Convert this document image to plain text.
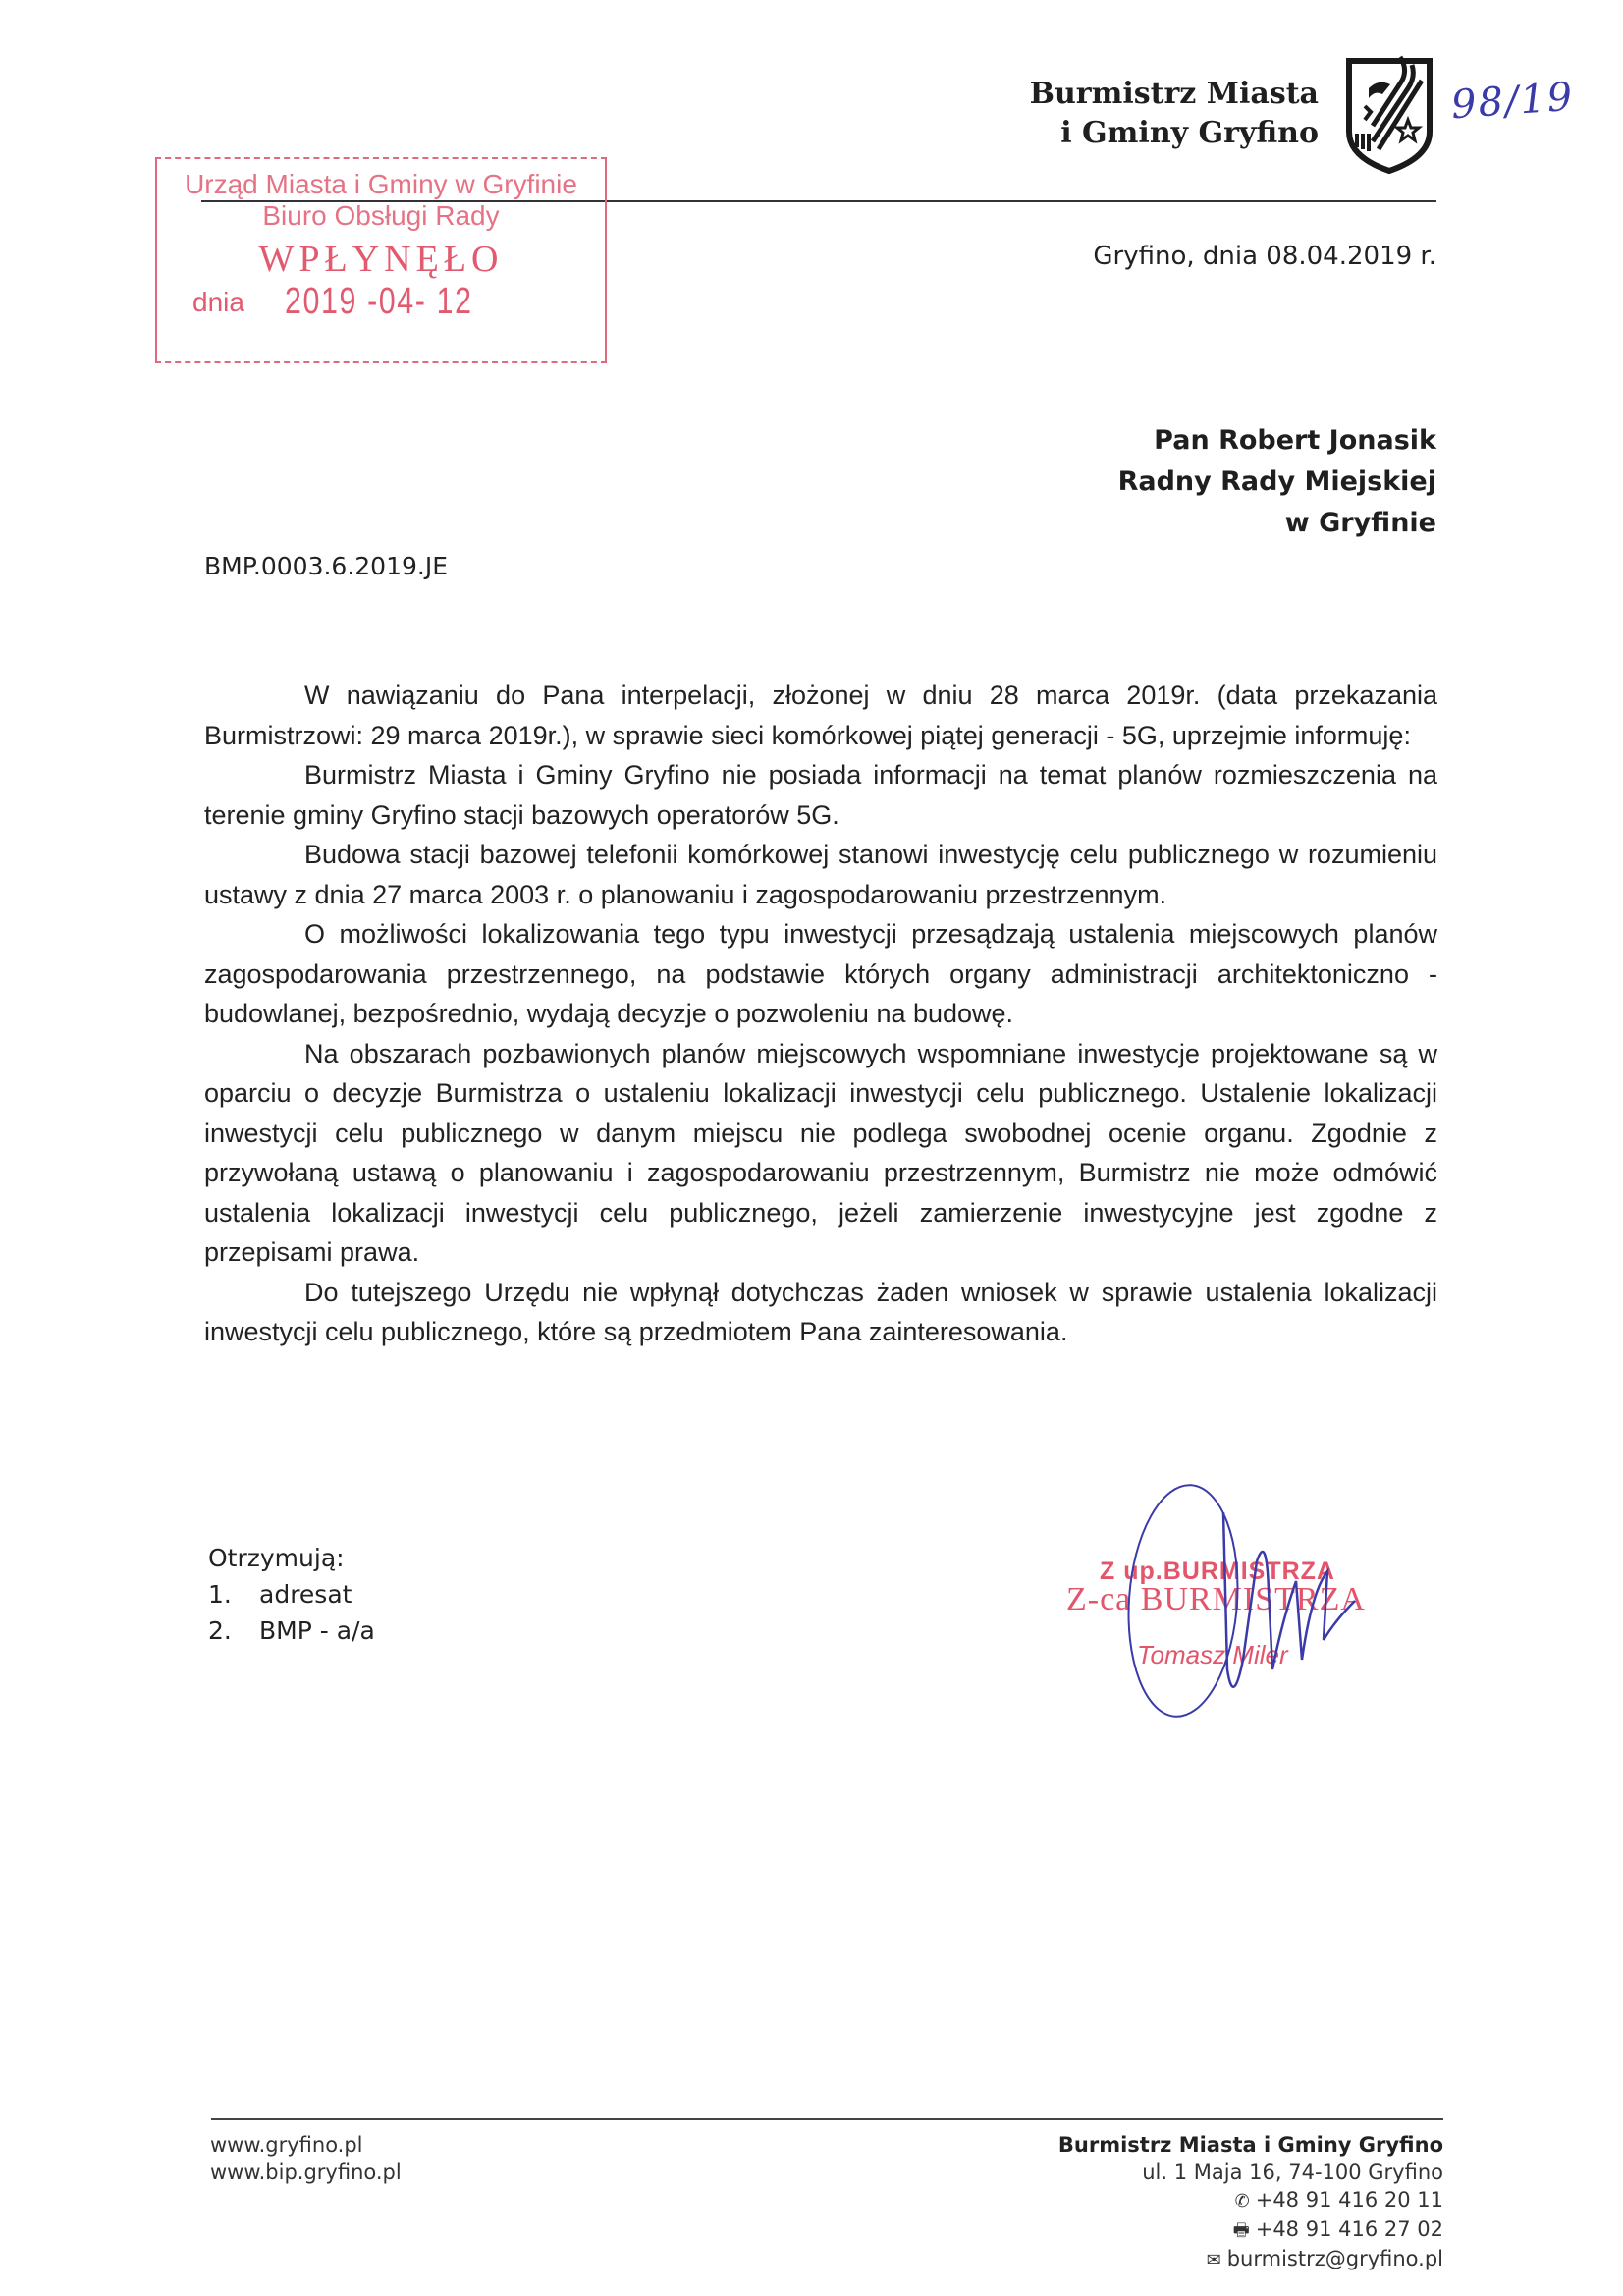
Burmistrz Miasta
i Gminy Gryfino
98/19
Urząd Miasta i Gminy w Gryfinie
Biuro Obsługi Rady
WPŁYNĘŁO
dnia 2019 -04- 12
Gryfino, dnia 08.04.2019 r.
Pan Robert Jonasik
Radny Rady Miejskiej
w Gryfinie
BMP.0003.6.2019.JE

W nawiązaniu do Pana interpelacji, złożonej w dniu 28 marca 2019r. (data przekazania Burmistrzowi: 29 marca 2019r.), w sprawie sieci komórkowej piątej generacji - 5G, uprzejmie informuję:

Burmistrz Miasta i Gminy Gryfino nie posiada informacji na temat planów rozmieszczenia na terenie gminy Gryfino stacji bazowych operatorów 5G.

Budowa stacji bazowej telefonii komórkowej stanowi inwestycję celu publicznego w rozumieniu ustawy z dnia 27 marca 2003 r. o planowaniu i zagospodarowaniu przestrzennym.

O możliwości lokalizowania tego typu inwestycji przesądzają ustalenia miejscowych planów zagospodarowania przestrzennego, na podstawie których organy administracji architektoniczno - budowlanej, bezpośrednio, wydają decyzje o pozwoleniu na budowę.

Na obszarach pozbawionych planów miejscowych wspomniane inwestycje projektowane są w oparciu o decyzje Burmistrza o ustaleniu lokalizacji inwestycji celu publicznego. Ustalenie lokalizacji inwestycji celu publicznego w danym miejscu nie podlega swobodnej ocenie organu. Zgodnie z przywołaną ustawą o planowaniu i zagospodarowaniu przestrzennym, Burmistrz nie może odmówić ustalenia lokalizacji inwestycji celu publicznego, jeżeli zamierzenie inwestycyjne jest zgodne z przepisami prawa.

Do tutejszego Urzędu nie wpłynął dotychczas żaden wniosek w sprawie ustalenia lokalizacji inwestycji celu publicznego, które są przedmiotem Pana zainteresowania.

Otrzymują:
1. adresat
2. BMP - a/a
Z up.BURMISTRZA
Z-ca BURMISTRZA
Tomasz Miler
www.gryfino.pl
www.bip.gryfino.pl
Burmistrz Miasta i Gminy Gryfino
ul. 1 Maja 16, 74-100 Gryfino
✆ +48 91 416 20 11
🖶 +48 91 416 27 02
✉ burmistrz@gryfino.pl
